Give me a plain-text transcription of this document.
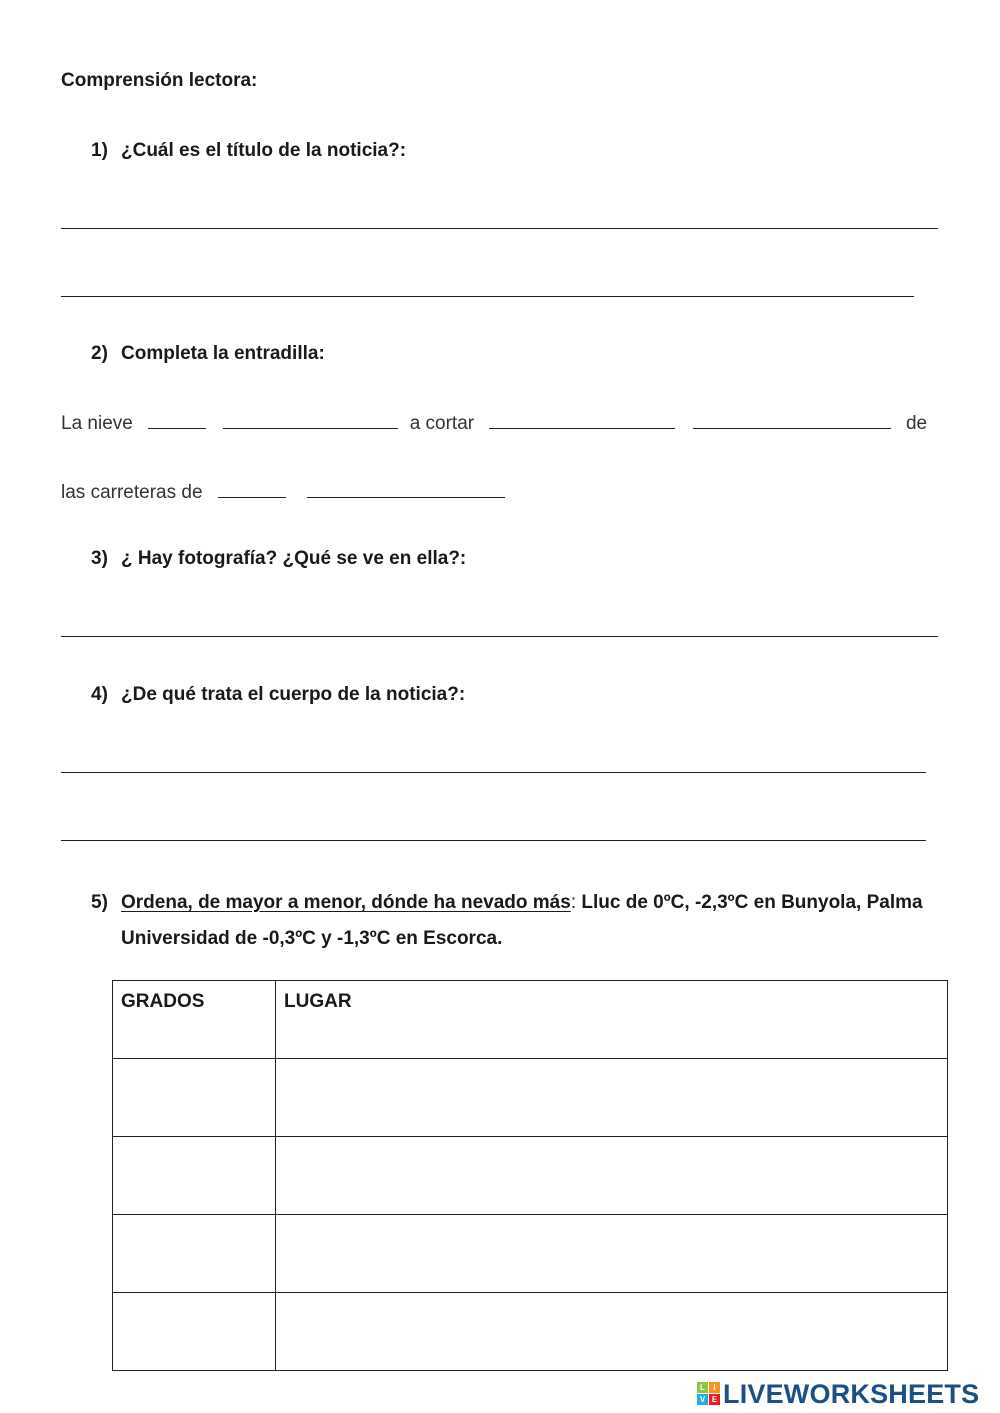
Comprensión lectora:
1) ¿Cuál es el título de la noticia?:
2) Completa la entradilla:
La nieve	a cortar	de
las carreteras de
3) ¿ Hay fotografía? ¿Qué se ve en ella?:
4) ¿De qué trata el cuerpo de la noticia?:
5) Ordena, de mayor a menor, dónde ha nevado más: Lluc de 0ºC, -2,3ºC en Bunyola, Palma Universidad de -0,3ºC y -1,3ºC en Escorca.
GRADOS	LUGAR

L	I
V E LIVEWORKSHEETS
